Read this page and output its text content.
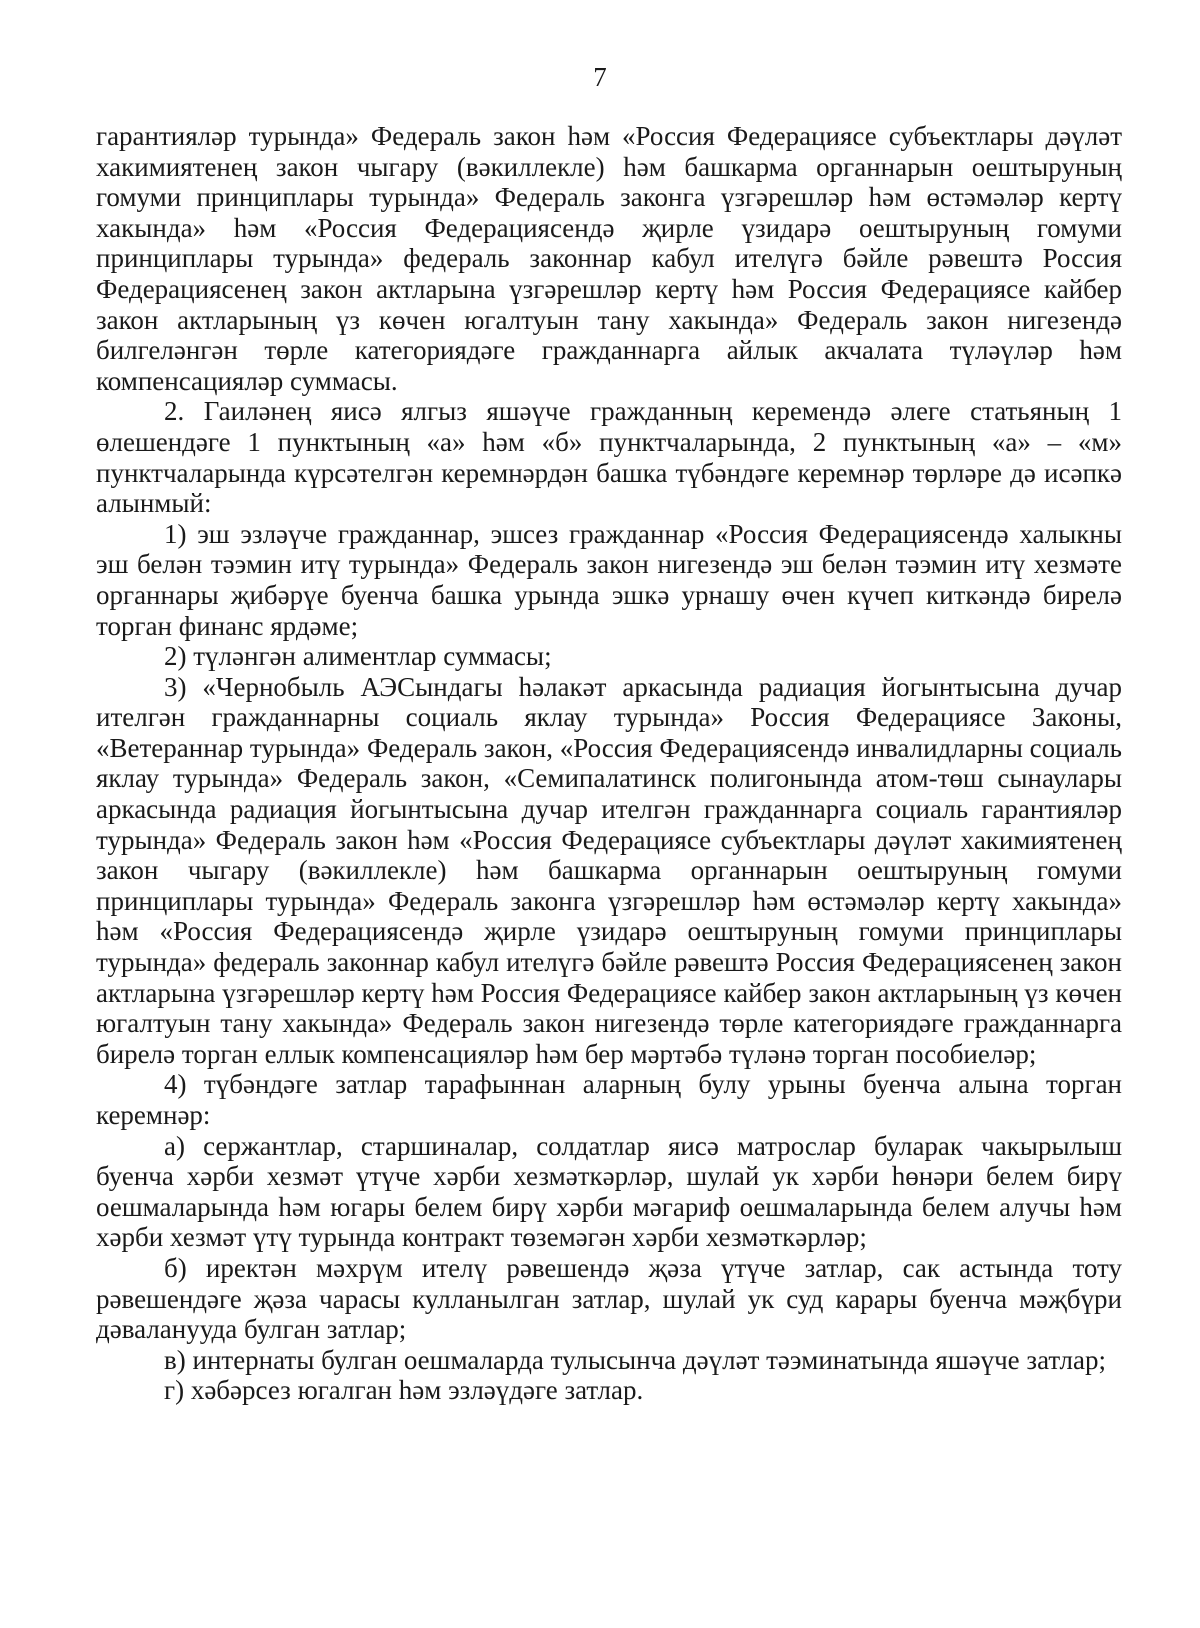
7

гарантияләр турында» Федераль закон һәм «Россия Федерациясе субъектлары дәүләт хакимиятенең закон чыгару (вәкиллекле) һәм башкарма органнарын оештыруның гомуми принциплары турында» Федераль законга үзгәрешләр һәм өстәмәләр кертү хакында» һәм «Россия Федерациясендә җирле үзидарә оештыруның гомуми принциплары турында» федераль законнар кабул ителүгә бәйле рәвештә Россия Федерациясенең закон актларына үзгәрешләр кертү һәм Россия Федерациясе кайбер закон актларының үз көчен югалтуын тану хакында» Федераль закон нигезендә билгеләнгән төрле категориядәге гражданнарга айлык акчалата түләүләр һәм компенсацияләр суммасы.

2. Гаиләнең яисә ялгыз яшәүче гражданның керемендә әлеге статьяның 1 өлешендәге 1 пунктының «а» һәм «б» пунктчаларында, 2 пунктының «а» – «м» пунктчаларында күрсәтелгән керемнәрдән башка түбәндәге керемнәр төрләре дә исәпкә алынмый:

1) эш эзләүче гражданнар, эшсез гражданнар «Россия Федерациясендә халыкны эш белән тәэмин итү турында» Федераль закон нигезендә эш белән тәэмин итү хезмәте органнары җибәрүе буенча башка урында эшкә урнашу өчен күчеп киткәндә бирелә торган финанс ярдәме;

2) түләнгән алиментлар суммасы;

3) «Чернобыль АЭСындагы һәлакәт аркасында радиация йогынтысына дучар ителгән гражданнарны социаль яклау турында» Россия Федерациясе Законы, «Ветераннар турында» Федераль закон, «Россия Федерациясендә инвалидларны социаль яклау турында» Федераль закон, «Семипалатинск полигонында атом-төш сынаулары аркасында радиация йогынтысына дучар ителгән гражданнарга социаль гарантияләр турында» Федераль закон һәм «Россия Федерациясе субъектлары дәүләт хакимиятенең закон чыгару (вәкиллекле) һәм башкарма органнарын оештыруның гомуми принциплары турында» Федераль законга үзгәрешләр һәм өстәмәләр кертү хакында» һәм «Россия Федерациясендә җирле үзидарә оештыруның гомуми принциплары турында» федераль законнар кабул ителүгә бәйле рәвештә Россия Федерациясенең закон актларына үзгәрешләр кертү һәм Россия Федерациясе кайбер закон актларының үз көчен югалтуын тану хакында» Федераль закон нигезендә төрле категориядәге гражданнарга бирелә торган еллык компенсацияләр һәм бер мәртәбә түләнә торган пособиеләр;

4) түбәндәге затлар тарафыннан аларның булу урыны буенча алына торган керемнәр:

а) сержантлар, старшиналар, солдатлар яисә матрослар буларак чакырылыш буенча хәрби хезмәт үтүче хәрби хезмәткәрләр, шулай ук хәрби һөнәри белем бирү оешмаларында һәм югары белем бирү хәрби мәгариф оешмаларында белем алучы һәм хәрби хезмәт үтү турында контракт төземәгән хәрби хезмәткәрләр;

б) иректән мәхрүм ителү рәвешендә җәза үтүче затлар, сак астында тоту рәвешендәге җәза чарасы кулланылган затлар, шулай ук суд карары буенча мәҗбүри дәваланууда булган затлар;

в) интернаты булган оешмаларда тулысынча дәүләт тәэминатында яшәүче затлар;

г) хәбәрсез югалган һәм эзләүдәге затлар.
